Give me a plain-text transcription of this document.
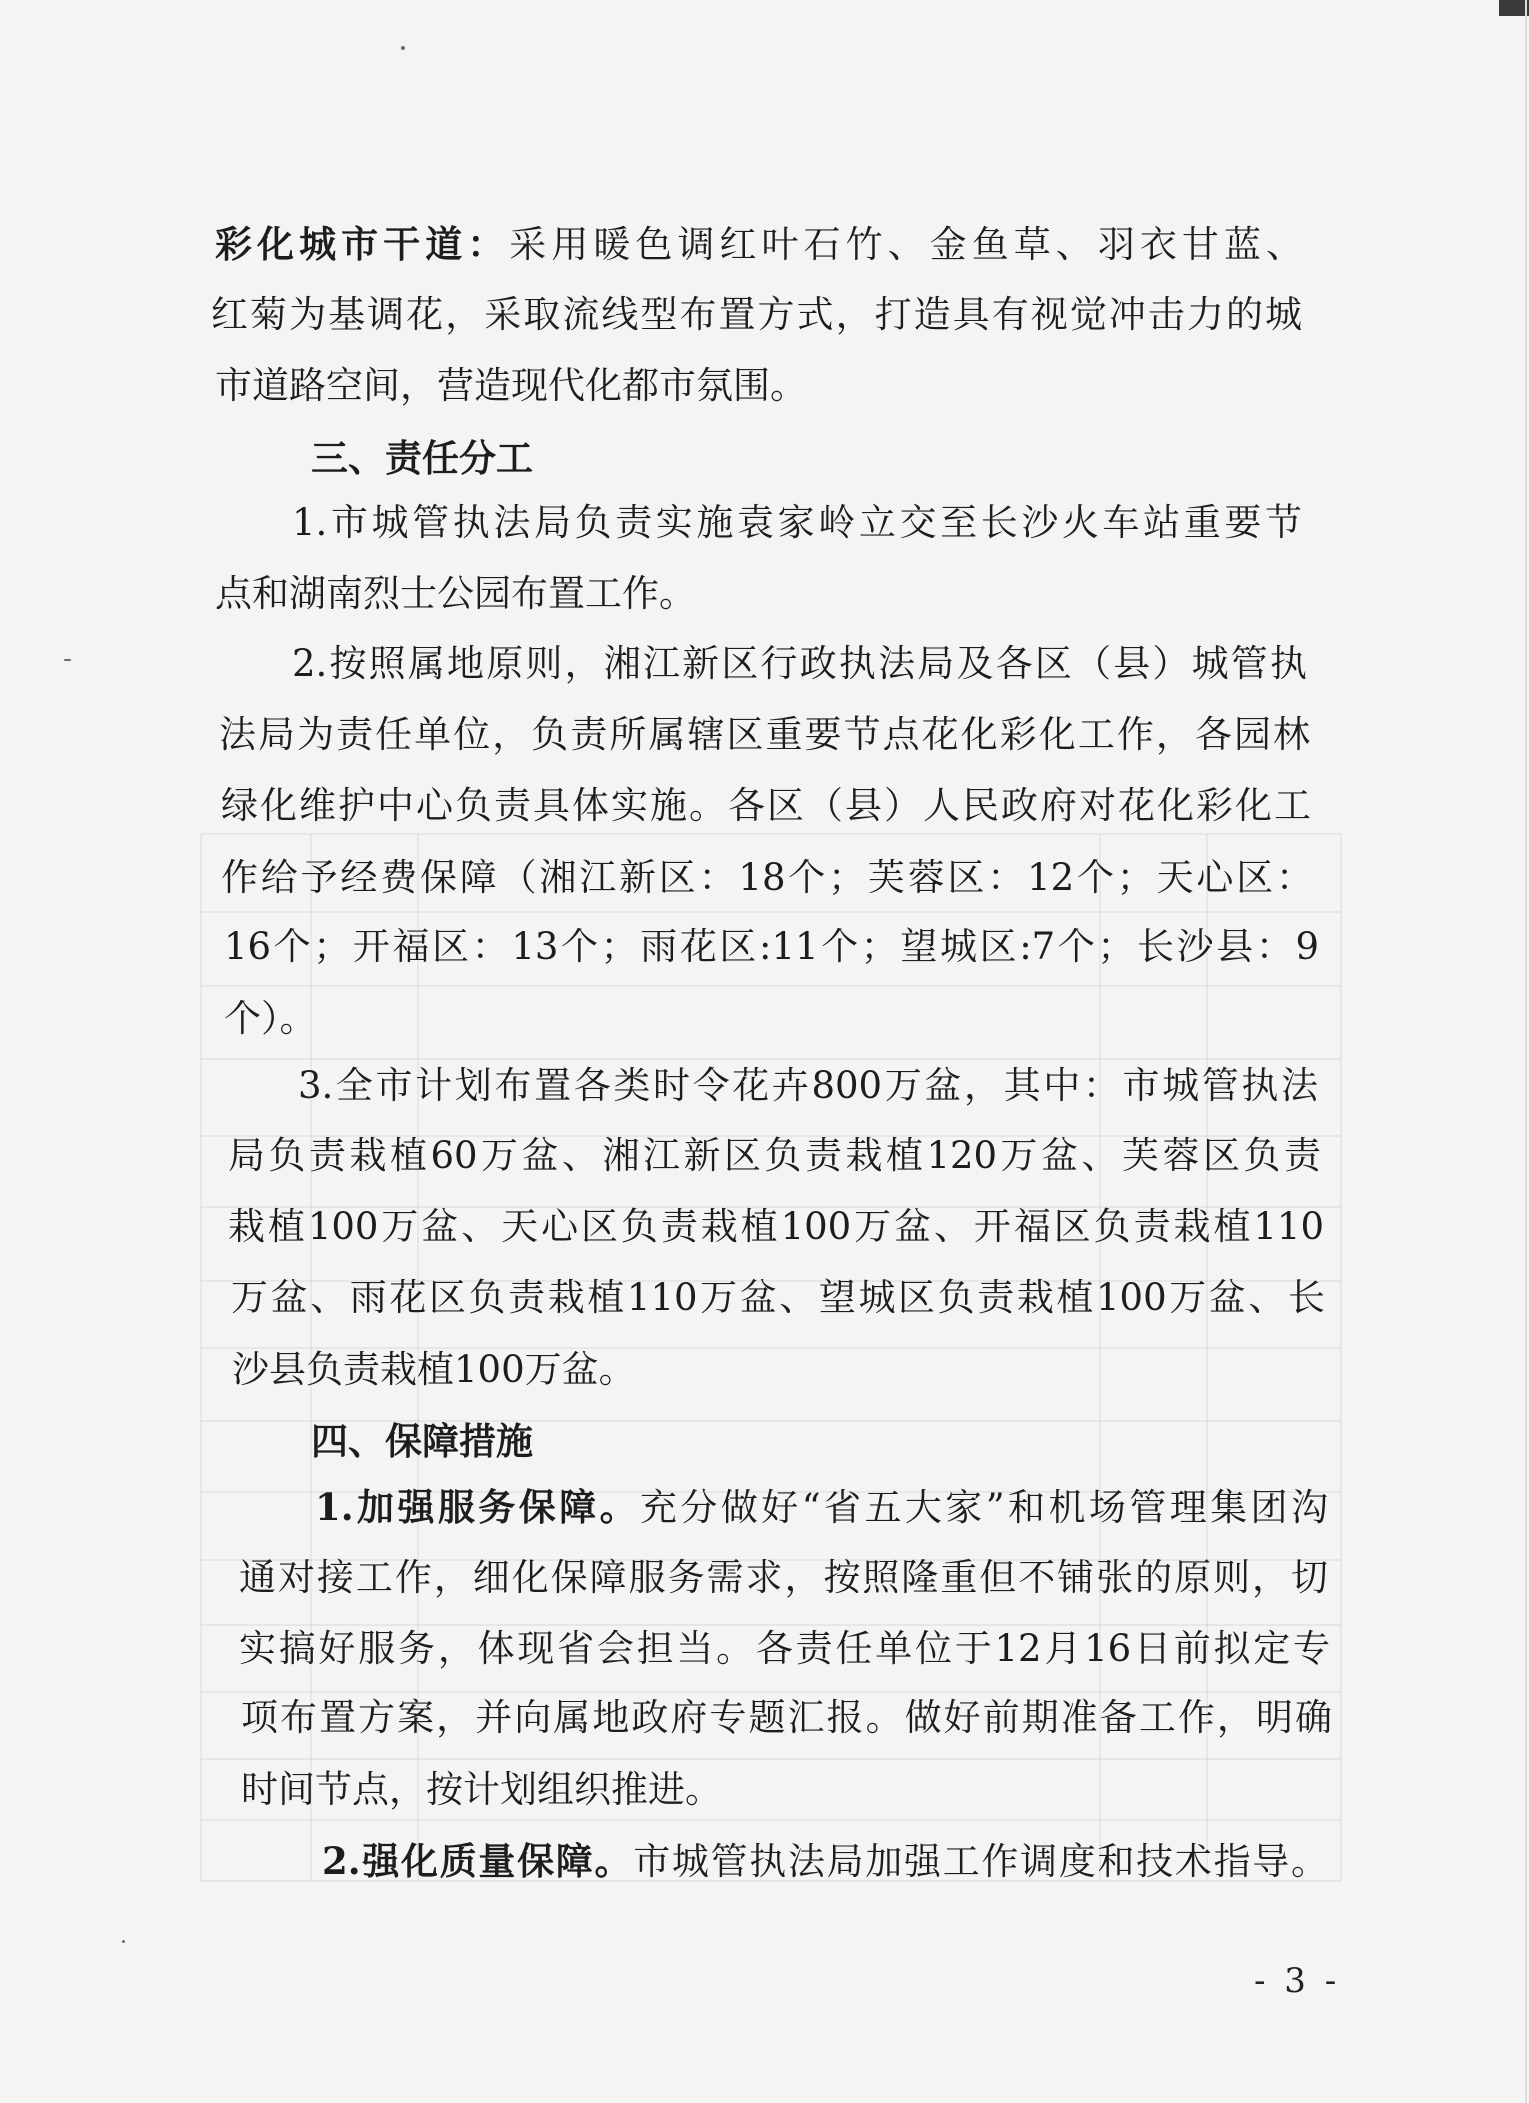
彩化城市干道：采用暖色调红叶石竹、金鱼草、羽衣甘蓝、
红菊为基调花，采取流线型布置方式，打造具有视觉冲击力的城
市道路空间，营造现代化都市氛围。
三、责任分工
1.市城管执法局负责实施袁家岭立交至长沙火车站重要节
点和湖南烈士公园布置工作。
2.按照属地原则，湘江新区行政执法局及各区（县）城管执
法局为责任单位，负责所属辖区重要节点花化彩化工作，各园林
绿化维护中心负责具体实施。各区（县）人民政府对花化彩化工
作给予经费保障（湘江新区：18个；芙蓉区：12个；天心区：
16个；开福区：13个；雨花区:11个；望城区:7个；长沙县：9
个）。
3.全市计划布置各类时令花卉800万盆，其中：市城管执法
局负责栽植60万盆、湘江新区负责栽植120万盆、芙蓉区负责
栽植100万盆、天心区负责栽植100万盆、开福区负责栽植110
万盆、雨花区负责栽植110万盆、望城区负责栽植100万盆、长
沙县负责栽植100万盆。
四、保障措施
1.加强服务保障。充分做好“省五大家”和机场管理集团沟
通对接工作，细化保障服务需求，按照隆重但不铺张的原则，切
实搞好服务，体现省会担当。各责任单位于12月16日前拟定专
项布置方案，并向属地政府专题汇报。做好前期准备工作，明确
时间节点，按计划组织推进。
2.强化质量保障。市城管执法局加强工作调度和技术指导。
- 3 -
